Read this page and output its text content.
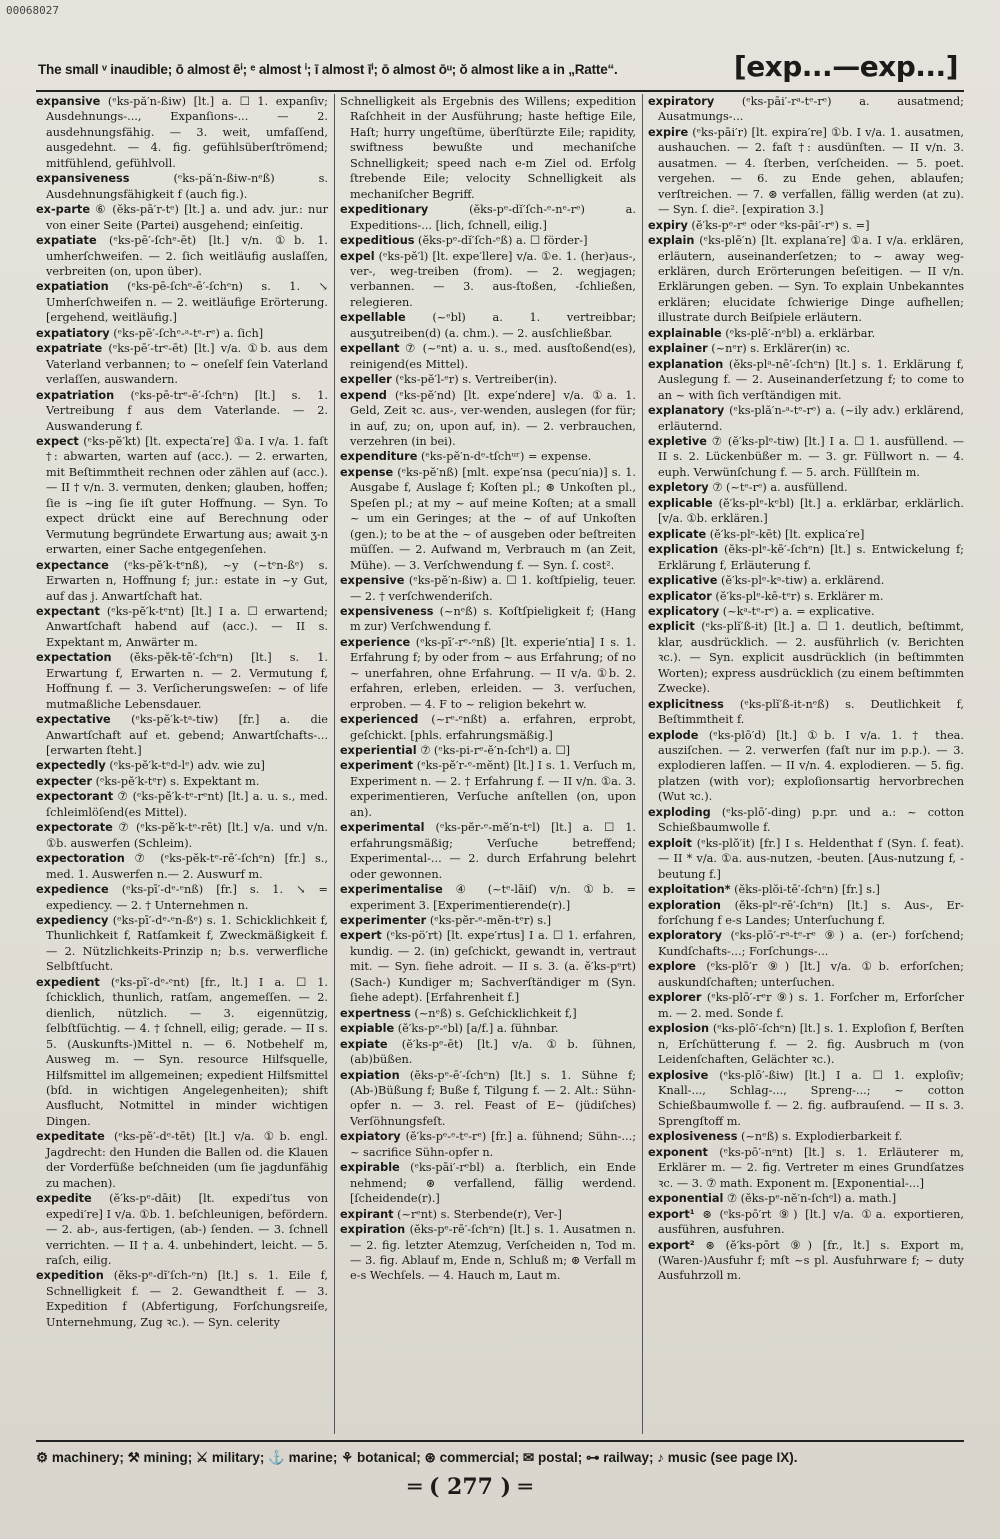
00068027
The small ᵛ inaudible; ō almost ēⁱ; ᵉ almost ⁱ; ī almost īⁱ; ō almost ōᵘ; ŏ almost like a in „Ratte“.	[exp...—exp...]

expansive (ᵉks-pă′n-ßiw) [lt.] a. ☐ 1. expanſiv; Ausdehnungs-..., Expanſions-... — 2. ausdehnungsfähig. — 3. weit, umfaſſend, ausgedehnt. — 4. fig. gefühlsüberſtrömend; mitfühlend, gefühlvoll.

expansiveness (ᵉks-pă′n-ßiw-nᵉß) s. Ausdehnungsfähigkeit f (auch fig.).

ex-parte ⑥ (ĕks-pā′r-tᵉ) [lt.] a. und adv. jur.: nur von einer Seite (Partei) ausgehend; einſeitig.

expatiate (ᵉks-pē′-ſchᵉ-ēt) [lt.] v/n. ①b. 1. umherſchweifen. — 2. ſich weitläufig auslaſſen, verbreiten (on, upon über).

expatiation (ᵉks-pē-ſchᵉ-ē′-ſchᵉn) s. 1. ↘ Umherſchweifen n. — 2. weitläufige Erörterung. [ergehend, weitläufig.]

expatiatory (ᵉks-pē′-ſchᵉ-ᵃ-tᵉ-rᵉ) a. ſich]

expatriate (ᵉks-pē′-trᵉ-ēt) [lt.] v/a. ①b. aus dem Vaterland verbannen; to ~ oneſelf ſein Vaterland verlaſſen, auswandern.

expatriation (ᵉks-pē-trᵉ-ē′-ſchᵉn) [lt.] s. 1. Vertreibung f aus dem Vaterlande. — 2. Auswanderung f.

expect (ᵉks-pĕ′kt) [lt. expecta′re] ①a. I v/a. 1. faſt †: abwarten, warten auf (acc.). — 2. erwarten, mit Beſtimmtheit rechnen oder zählen auf (acc.). — II † v/n. 3. vermuten, denken; glauben, hoffen; ſie is ~ing ſie iſt guter Hoffnung. — Syn. To expect drückt eine auf Berechnung oder Vermutung begründete Erwartung aus; await ʒ-n erwarten, einer Sache entgegenſehen.

expectance (ᵉks-pĕ′k-tᵉnß), ~y (~tᵉn-ßᵉ) s. Erwarten n, Hoffnung f; jur.: estate in ~y Gut, auf das j. Anwartſchaft hat.

expectant (ᵉks-pĕ′k-tᵉnt) [lt.] I a. ☐ erwartend; Anwartſchaft habend auf (acc.). — II s. Expektant m, Anwärter m.

expectation (ĕks-pĕk-tē′-ſchᵉn) [lt.] s. 1. Erwartung f, Erwarten n. — 2. Vermutung f, Hoffnung f. — 3. Verſicherungsweſen: ~ of life mutmaßliche Lebensdauer.

expectative (ᵉks-pĕ′k-tᵃ-tiw) [fr.] a. die Anwartſchaft auf et. gebend; Anwartſchafts-... [erwarten ſteht.]

expectedly (ᵉks-pĕ′k-tᵉd-lᵉ) adv. wie zu]

expecter (ᵉks-pĕ′k-tᵉr) s. Expektant m.

expectorant ⑦ (ᵉks-pĕ′k-tᵉ-rᵉnt) [lt.] a. u. s., med. ſchleimlöſend(es Mittel).

expectorate ⑦ (ᵉks-pĕ′k-tᵉ-rēt) [lt.] v/a. und v/n. ①b. auswerfen (Schleim).

expectoration ⑦ (ᵉks-pĕk-tᵉ-rē′-ſchᵉn) [fr.] s., med. 1. Auswerfen n.— 2. Auswurf m.

expedience (ᵉks-pī′-dᵉ-ᵉnß) [fr.] s. 1. ↘ = expediency. — 2. † Unternehmen n.

expediency (ᵉks-pī′-dᵉ-ᵉn-ßᵉ) s. 1. Schicklichkeit f, Thunlichkeit f, Ratſamkeit f, Zweckmäßigkeit f. — 2. Nützlichkeits-Prinzip n; b.s. verwerfliche Selbſtſucht.

expedient (ᵉks-pī′-dᵉ-ᵉnt) [fr., lt.] I a. ☐ 1. ſchicklich, thunlich, ratſam, angemeſſen. — 2. dienlich, nützlich. — 3. eigennützig, ſelbſtſüchtig. — 4. † ſchnell, eilig; gerade. — II s. 5. (Auskunfts-)Mittel n. — 6. Notbehelf m, Ausweg m. — Syn. resource Hilfsquelle, Hilfsmittel im allgemeinen; expedient Hilfsmittel (bſd. in wichtigen Angelegenheiten); shift Ausflucht, Notmittel in minder wichtigen Dingen.

expeditate (ᵉks-pĕ′-dᵉ-tēt) [lt.] v/a. ①b. engl. Jagdrecht: den Hunden die Ballen od. die Klauen der Vorderfüße beſchneiden (um ſie jagdunfähig zu machen).

expedite (ĕ′ks-pᵉ-dāit) [lt. expedi′tus von expedi′re] I v/a. ①b. 1. beſchleunigen, befördern. — 2. ab-, aus-fertigen, (ab-) ſenden. — 3. ſchnell verrichten. — II † a. 4. unbehindert, leicht. — 5. raſch, eilig.

expedition (ĕks-pᵉ-dĭ′ſch-ᵉn) [lt.] s. 1. Eile f, Schnelligkeit f. — 2. Gewandtheit f. — 3. Expedition f (Abfertigung, Forſchungsreiſe, Unternehmung, Zug ꝛc.). — Syn. celerity

Schnelligkeit als Ergebnis des Willens; expedition Raſchheit in der Ausführung; haste heftige Eile, Haſt; hurry ungeſtüme, überſtürzte Eile; rapidity, swiftness bewußte und mechaniſche Schnelligkeit; speed nach e-m Ziel od. Erfolg ſtrebende Eile; velocity Schnelligkeit als mechaniſcher Begriff.

expeditionary (ĕks-pᵉ-dĭ′ſch-ᵉ-nᵉ-rᵉ) a. Expeditions-... [lich, ſchnell, eilig.]

expeditious (ĕks-pᵉ-dĭ′ſch-ᵉß) a. ☐ förder-]

expel (ᵉks-pĕ′l) [lt. expe′llere] v/a. ①e. 1. (her)aus-, ver-, weg-treiben (from). — 2. wegjagen; verbannen. — 3. aus-ſtoßen, -ſchließen, relegieren.

expellable (~ᵉbl) a. 1. vertreibbar; ausʒutreiben(d) (a. chm.). — 2. ausſchließbar.

expellant ⑦ (~ᵉnt) a. u. s., med. ausſtoßend(es), reinigend(es Mittel).

expeller (ᵉks-pĕ′l-ᵉr) s. Vertreiber(in).

expend (ᵉks-pĕ′nd) [lt. expe′ndere] v/a. ①a. 1. Geld, Zeit ꝛc. aus-, ver-wenden, auslegen (for für; in auf, zu; on, upon auf, in). — 2. verbrauchen, verzehren (in bei).

expenditure (ᵉks-pĕ′n-dᵉ-tſchᵘʳ) = expense.

expense (ᵉks-pĕ′nß) [mlt. expe′nsa (pecu′nia)] s. 1. Ausgabe f, Auslage f; Koſten pl.; ⊛ Unkoſten pl., Speſen pl.; at my ~ auf meine Koſten; at a small ~ um ein Geringes; at the ~ of auf Unkoſten (gen.); to be at the ~ of ausgeben oder beſtreiten müſſen. — 2. Aufwand m, Verbrauch m (an Zeit, Mühe). — 3. Verſchwendung f. — Syn. ſ. cost².

expensive (ᵉks-pĕ′n-ßiw) a. ☐ 1. koſtſpielig, teuer. — 2. † verſchwenderiſch.

expensiveness (~nᵉß) s. Koſtſpieligkeit f; (Hang m zur) Verſchwendung f.

experience (ᵉks-pī′-rᵉ-ᵉnß) [lt. experie′ntia] I s. 1. Erfahrung f; by oder from ~ aus Erfahrung; of no ~ unerfahren, ohne Erfahrung. — II v/a. ①b. 2. erfahren, erleben, erleiden. — 3. verſuchen, erproben. — 4. F to ~ religion bekehrt w.

experienced (~rᵉ-ᵉnßt) a. erfahren, erprobt, geſchickt. [phls. erfahrungsmäßig.]

experiential ⑦ (ᵉks-pi-rᵉ-ĕ′n-ſchᵉl) a. ☐]

experiment (ᵉks-pĕ′r-ᵉ-mĕnt) [lt.] I s. 1. Verſuch m, Experiment n. — 2. † Erfahrung f. — II v/n. ①a. 3. experimentieren, Verſuche anſtellen (on, upon an).

experimental (ᵉks-pĕr-ᵉ-mĕ′n-tᵉl) [lt.] a. ☐ 1. erfahrungsmäßig; Verſuche betreffend; Experimental-... — 2. durch Erfahrung belehrt oder gewonnen.

experimentalise ④ (~tᵉ-lāiſ) v/n. ①b. = experiment 3. [Experimentierende(r).]

experimenter (ᵉks-pĕr-ᵉ-mĕn-tᵉr) s.]

expert (ᵉks-pö′rt) [lt. expe′rtus] I a. ☐ 1. erfahren, kundig. — 2. (in) geſchickt, gewandt in, vertraut mit. — Syn. ſiehe adroit. — II s. 3. (a. ĕ′ks-pᵉrt) (Sach-) Kundiger m; Sachverſtändiger m (Syn. ſiehe adept). [Erfahrenheit f.]

expertness (~nᵉß) s. Geſchicklichkeit f,]

expiable (ĕ′ks-pᵉ-ᵉbl) [a/f.] a. ſühnbar.

expiate (ĕ′ks-pᵉ-ēt) [lt.] v/a. ①b. ſühnen, (ab)büßen.

expiation (ĕks-pᵉ-ē′-ſchᵉn) [lt.] s. 1. Sühne f; (Ab-)Büßung f; Buße f, Tilgung f. — 2. Alt.: Sühn-opfer n. — 3. rel. Feast of E~ (jüdiſches) Verſöhnungsfeſt.

expiatory (ĕ′ks-pᵉ-ᵉ-tᵉ-rᵉ) [fr.] a. ſühnend; Sühn-...; ~ sacrifice Sühn-opfer n.

expirable (ᵉks-pāi′-rᵉbl) a. ſterblich, ein Ende nehmend; ⊛ verfallend, fällig werdend. [ſcheidende(r).]

expirant (~rᵉnt) s. Sterbende(r), Ver-]

expiration (ĕks-pᵉ-rē′-ſchᵉn) [lt.] s. 1. Ausatmen n. — 2. fig. letzter Atemzug, Verſcheiden n, Tod m. — 3. fig. Ablauf m, Ende n, Schluß m; ⊛ Verfall m e-s Wechſels. — 4. Hauch m, Laut m.

expiratory (ᵉks-pāi′-rᵃ-tᵉ-rᵉ) a. ausatmend; Ausatmungs-...

expire (ᵉks-pāi′r) [lt. expira′re] ①b. I v/a. 1. ausatmen, aushauchen. — 2. faſt †: ausdünſten. — II v/n. 3. ausatmen. — 4. ſterben, verſcheiden. — 5. poet. vergehen. — 6. zu Ende gehen, ablaufen; verſtreichen. — 7. ⊛ verfallen, fällig werden (at zu). — Syn. ſ. die². [expiration 3.]

expiry (ĕ′ks-pᵉ-rᵉ oder ᵉks-pāi′-rᵉ) s. =]

explain (ᵉks-plē′n) [lt. explana′re] ①a. I v/a. erklären, erläutern, auseinanderſetzen; to ~ away weg-erklären, durch Erörterungen beſeitigen. — II v/n. Erklärungen geben. — Syn. To explain Unbekanntes erklären; elucidate ſchwierige Dinge aufhellen; illustrate durch Beiſpiele erläutern.

explainable (ᵉks-plē′-nᵉbl) a. erklärbar.

explainer (~nᵉr) s. Erklärer(in) ꝛc.

explanation (ĕks-plᵃ-nē′-ſchᵉn) [lt.] s. 1. Erklärung f, Auslegung f. — 2. Auseinanderſetzung f; to come to an ~ with ſich verſtändigen mit.

explanatory (ᵉks-plă′n-ᵃ-tᵉ-rᵉ) a. (~ily adv.) erklärend, erläuternd.

expletive ⑦ (ĕ′ks-plᵉ-tiw) [lt.] I a. ☐ 1. ausfüllend. — II s. 2. Lückenbüßer m. — 3. gr. Füllwort n. — 4. euph. Verwünſchung f. — 5. arch. Füllſtein m.

expletory ⑦ (~tᵉ-rᵉ) a. ausfüllend.

explicable (ĕ′ks-plᵉ-kᵉbl) [lt.] a. erklärbar, erklärlich. [v/a. ①b. erklären.]

explicate (ĕ′ks-plᵉ-kēt) [lt. explica′re]

explication (ĕks-plᵉ-kē′-ſchᵉn) [lt.] s. Entwickelung f; Erklärung f, Erläuterung f.

explicative (ĕ′ks-plᵉ-kᵃ-tiw) a. erklärend.

explicator (ĕ′ks-plᵉ-kē-tᵉr) s. Erklärer m.

explicatory (~kᵃ-tᵉ-rᵉ) a. = explicative.

explicit (ᵉks-plĭ′ß-it) [lt.] a. ☐ 1. deutlich, beſtimmt, klar, ausdrücklich. — 2. ausführlich (v. Berichten ꝛc.). — Syn. explicit ausdrücklich (in beſtimmten Worten); express ausdrücklich (zu einem beſtimmten Zwecke).

explicitness (ᵉks-plĭ′ß-it-nᵉß) s. Deutlichkeit f, Beſtimmtheit f.

explode (ᵉks-plō′d) [lt.] ①b. I v/a. 1. † thea. ausziſchen. — 2. verwerfen (faſt nur im p.p.). — 3. explodieren laſſen. — II v/n. 4. explodieren. — 5. fig. platzen (with vor); exploſionsartig hervorbrechen (Wut ꝛc.).

exploding (ᵉks-plō′-ding) p.pr. und a.: ~ cotton Schießbaumwolle f.

exploit (ᵉks-plŏ′it) [fr.] I s. Heldenthat f (Syn. ſ. feat). — II * v/a. ①a. aus-nutzen, -beuten. [Aus-nutzung f, -beutung f.]

exploitation* (ĕks-plŏi-tē′-ſchᵉn) [fr.] s.]

exploration (ĕks-plᵉ-rē′-ſchᵉn) [lt.] s. Aus-, Er-forſchung f e-s Landes; Unterſuchung f.

exploratory (ᵉks-plō′-rᵃ-tᵉ-rᵉ ⑨) a. (er-) forſchend; Kundſchafts-...; Forſchungs-...

explore (ᵉks-plō′r ⑨) [lt.] v/a. ①b. erforſchen; auskundſchaften; unterſuchen.

explorer (ᵉks-plō′-rᵉr ⑨) s. 1. Forſcher m, Erforſcher m. — 2. med. Sonde f.

explosion (ᵉks-plō′-ſchᵉn) [lt.] s. 1. Exploſion f, Berſten n, Erſchütterung f. — 2. fig. Ausbruch m (von Leidenſchaften, Gelächter ꝛc.).

explosive (ᵉks-plō′-ßiw) [lt.] I a. ☐ 1. exploſiv; Knall-..., Schlag-..., Spreng-...; ~ cotton Schießbaumwolle f. — 2. fig. aufbrauſend. — II s. 3. Sprengſtoff m.

explosiveness (~nᵉß) s. Explodierbarkeit f.

exponent (ᵉks-pō′-nᵉnt) [lt.] s. 1. Erläuterer m, Erklärer m. — 2. fig. Vertreter m eines Grundſatzes ꝛc. — 3. ⑦ math. Exponent m. [Exponential-...]

exponential ⑦ (ĕks-pᵉ-nĕ′n-ſchᵉl) a. math.]

export¹ ⊛ (ᵉks-pō′rt ⑨) [lt.] v/a. ①a. exportieren, ausführen, ausfuhren.

export² ⊛ (ĕ′ks-pōrt ⑨) [fr., lt.] s. Export m, (Waren-)Ausfuhr f; mſt ~s pl. Ausfuhrware f; ~ duty Ausfuhrzoll m.

⚙ machinery; ⚒ mining; ⚔ military; ⚓ marine; ⚘ botanical; ⊛ commercial; ✉ postal; ⊶ railway; ♪ music (see page IX).
═ ( 277 ) ═
